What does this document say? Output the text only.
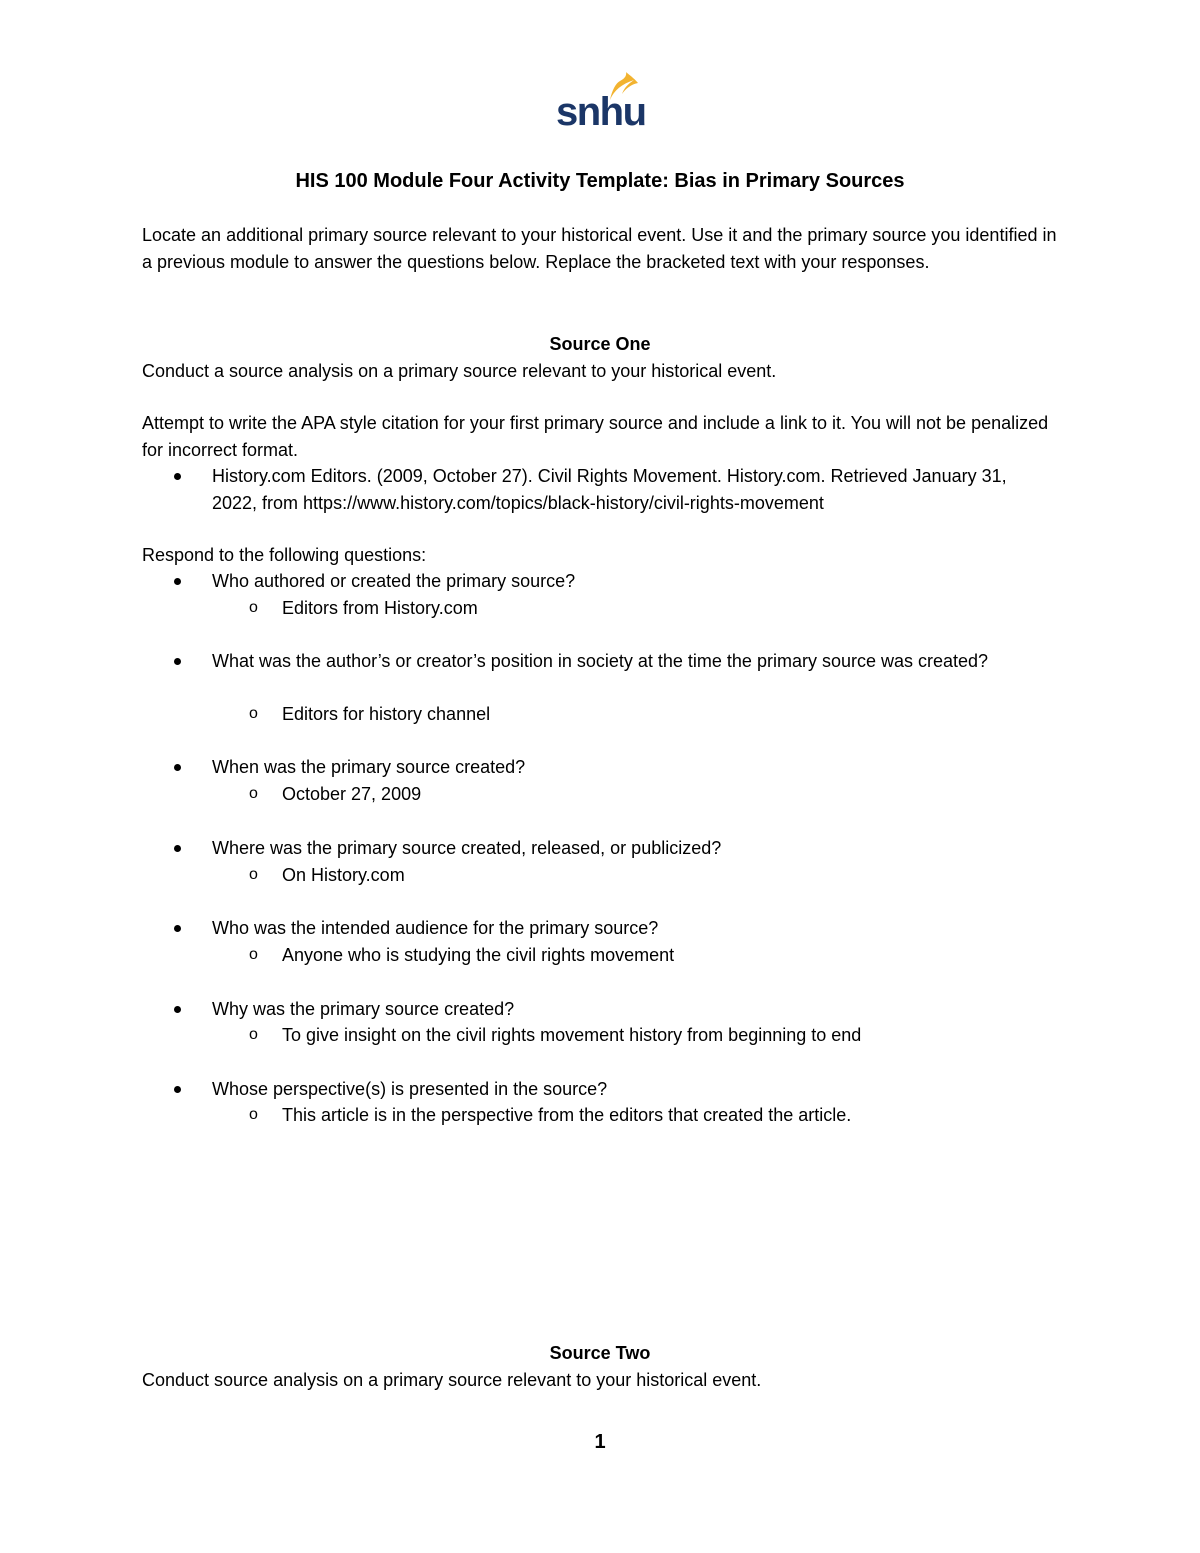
snhu
HIS 100 Module Four Activity Template: Bias in Primary Sources
Locate an additional primary source relevant to your historical event. Use it and the primary source you identified in a previous module to answer the questions below. Replace the bracketed text with your responses.
Source One
Conduct a source analysis on a primary source relevant to your historical event.
Attempt to write the APA style citation for your first primary source and include a link to it. You will not be penalized for incorrect format.
History.com Editors. (2009, October 27). Civil Rights Movement. History.com. Retrieved January 31, 2022, from https://www.history.com/topics/black-history/civil-rights-movement
Respond to the following questions:
Who authored or created the primary source?
o Editors from History.com
What was the author’s or creator’s position in society at the time the primary source was created?
o Editors for history channel
When was the primary source created?
o October 27, 2009
Where was the primary source created, released, or publicized?
o On History.com
Who was the intended audience for the primary source?
o Anyone who is studying the civil rights movement
Why was the primary source created?
o To give insight on the civil rights movement history from beginning to end
Whose perspective(s) is presented in the source?
o This article is in the perspective from the editors that created the article.
Source Two
Conduct source analysis on a primary source relevant to your historical event.
1
